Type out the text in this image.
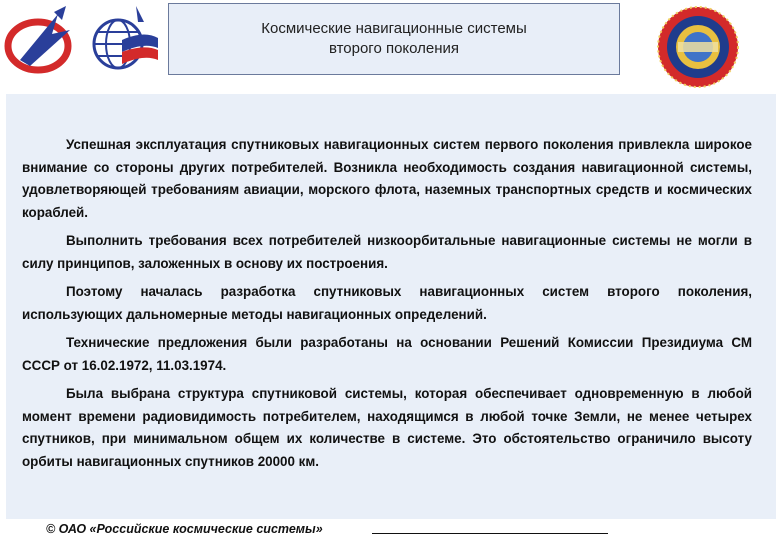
Космические навигационные системы
второго поколения

Успешная эксплуатация спутниковых навигационных систем первого поколения привлекла широкое внимание со стороны других потребителей. Возникла необходимость создания навигационной системы, удовлетворяющей требованиям авиации, морского флота, наземных транспортных средств и космических кораблей.

Выполнить требования всех потребителей низкоорбитальные навигационные системы не могли в силу принципов, заложенных в основу их построения.

Поэтому началась разработка спутниковых навигационных систем второго поколения, использующих дальномерные методы навигационных определений.

Технические предложения были разработаны на основании Решений Комиссии Президиума СМ СССР от 16.02.1972, 11.03.1974.

Была выбрана структура спутниковой системы, которая обеспечивает одновременную в любой момент времени радиовидимость потребителем, находящимся в любой точке Земли, не менее четырех спутников, при минимальном общем их количестве в системе. Это обстоятельство ограничило высоту орбиты навигационных спутников 20000 км.

© ОАО «Российские космические системы»
